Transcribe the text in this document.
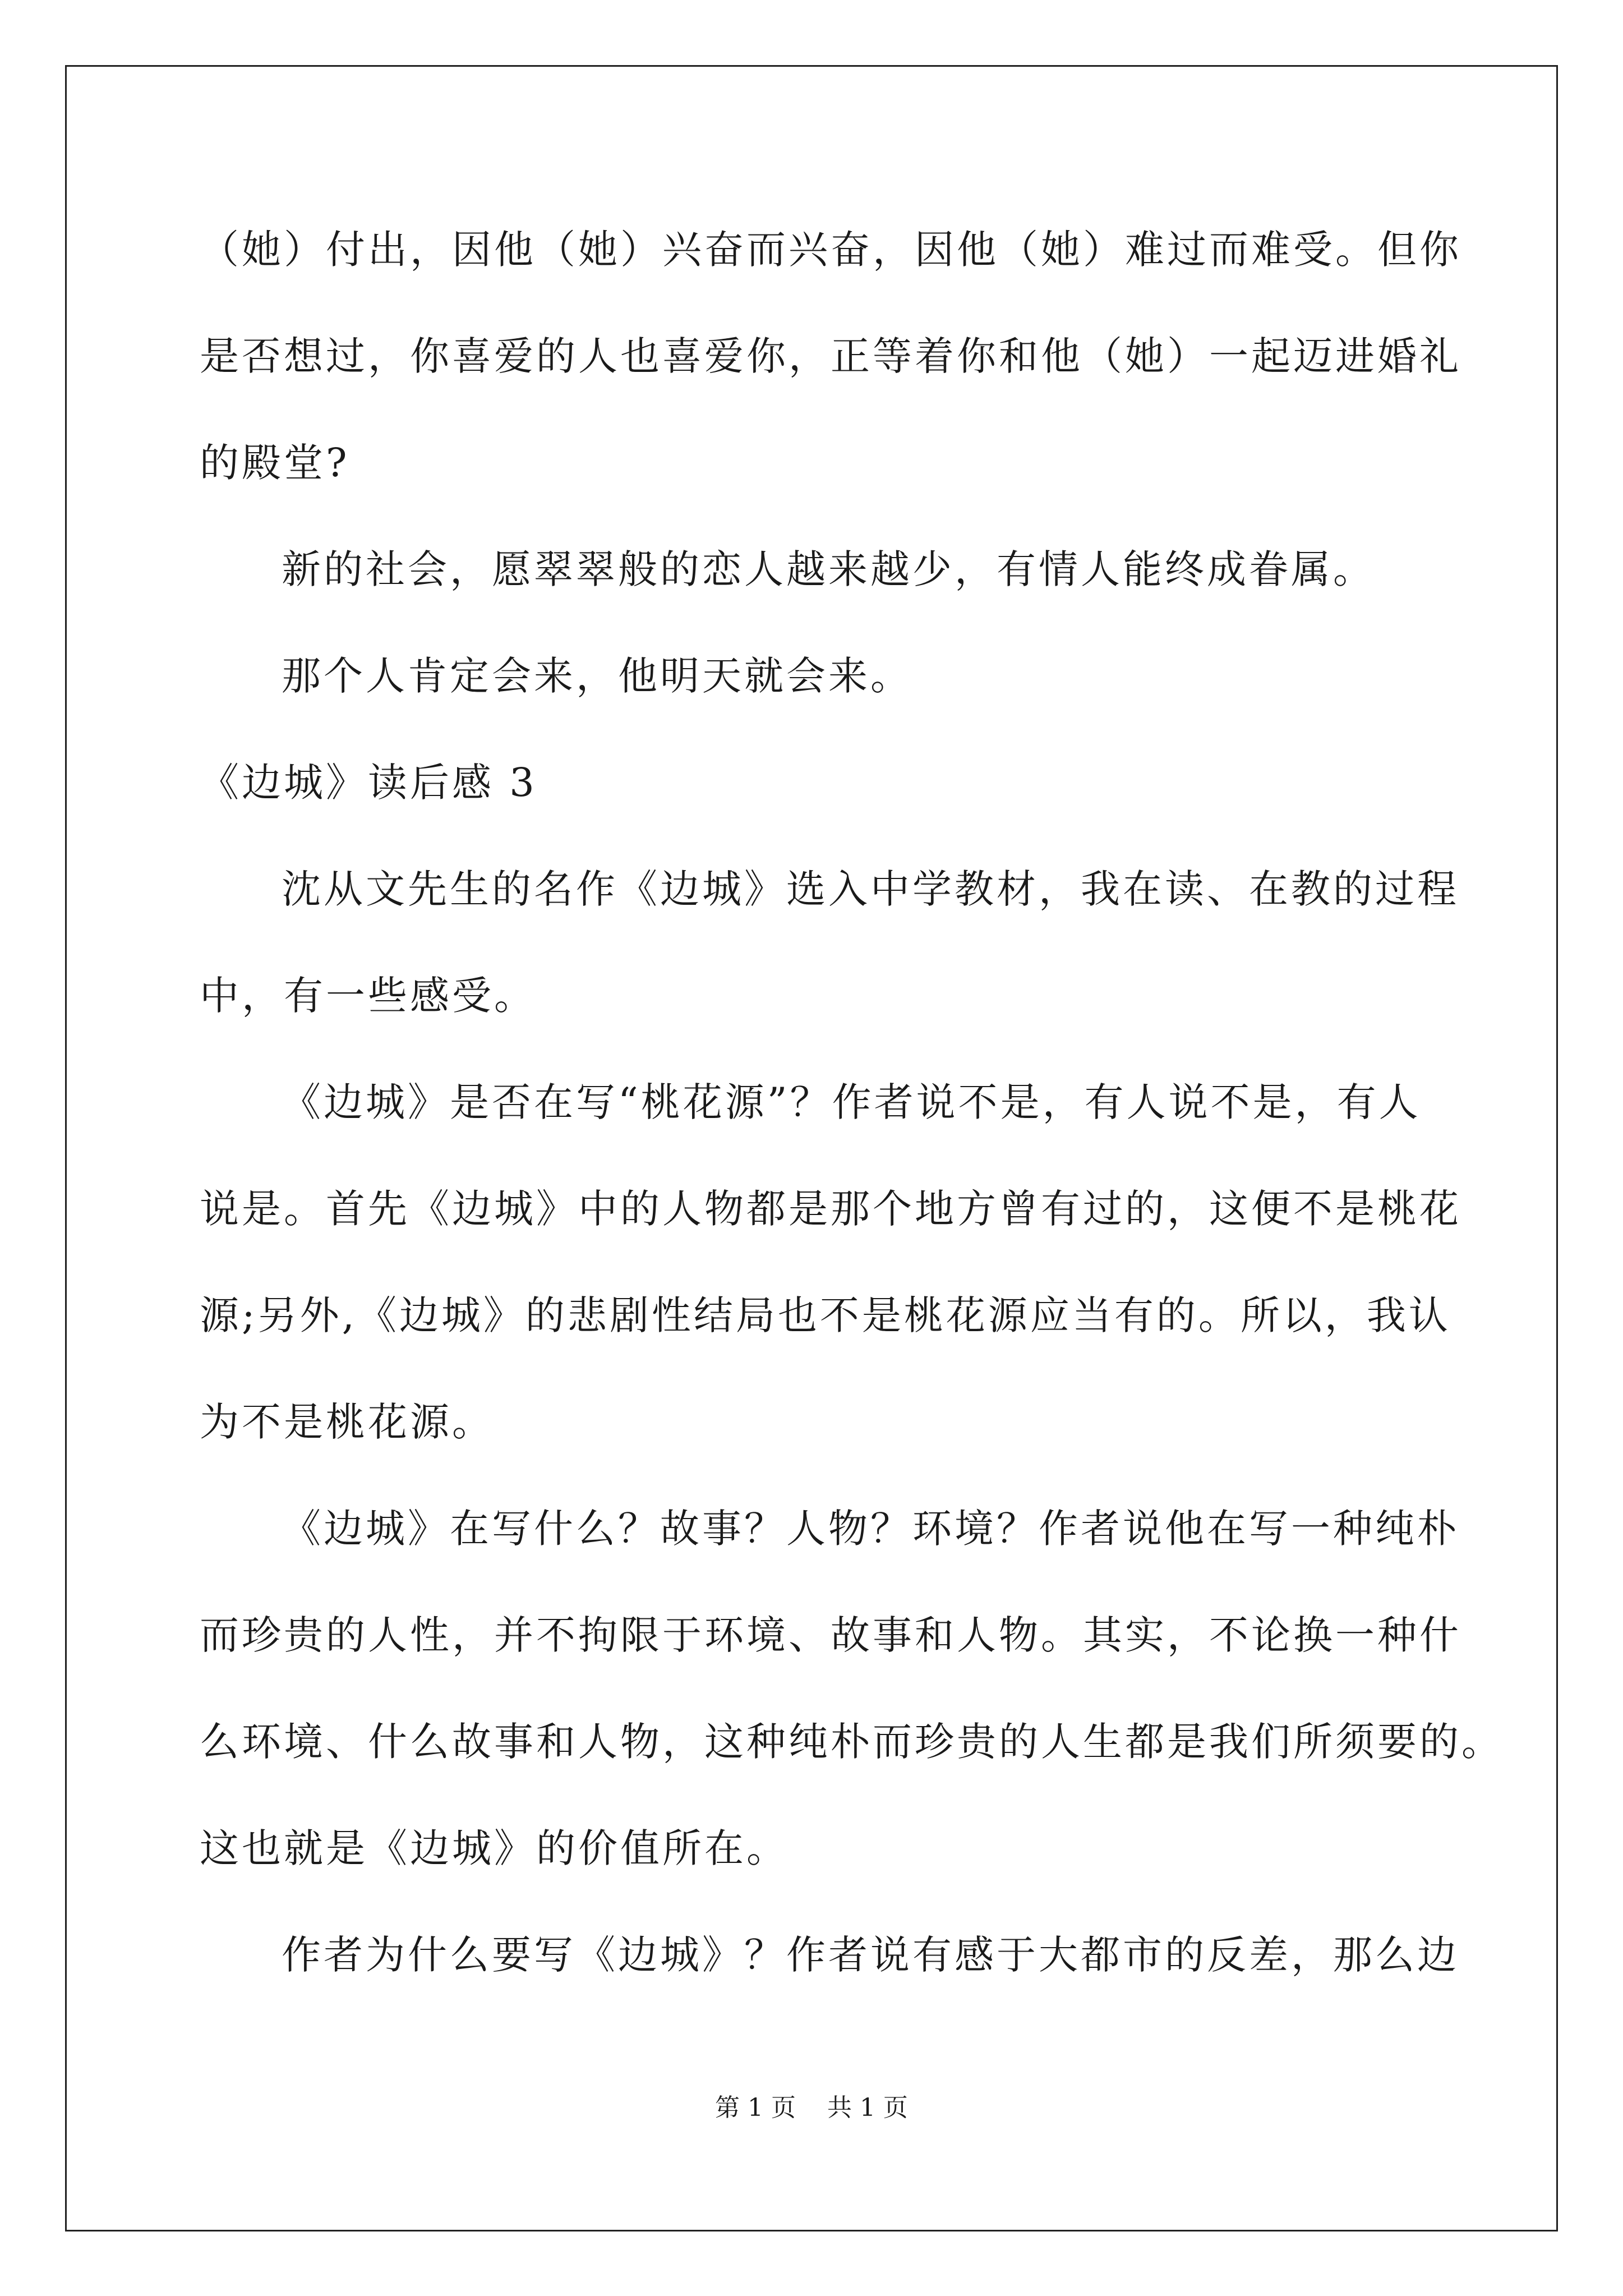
（她）付出，因他（她）兴奋而兴奋，因他（她）难过而难受。但你
是否想过，你喜爱的人也喜爱你，正等着你和他（她）一起迈进婚礼
的殿堂?
新的社会，愿翠翠般的恋人越来越少，有情人能终成眷属。
那个人肯定会来，他明天就会来。
《边城》读后感 3
沈从文先生的名作《边城》选入中学教材，我在读、在教的过程
中，有一些感受。
《边城》是否在写“桃花源”？作者说不是，有人说不是，有人
说是。首先《边城》中的人物都是那个地方曾有过的，这便不是桃花
源;另外,《边城》的悲剧性结局也不是桃花源应当有的。所以，我认
为不是桃花源。
《边城》在写什么？故事？人物？环境？作者说他在写一种纯朴
而珍贵的人性，并不拘限于环境、故事和人物。其实，不论换一种什
么环境、什么故事和人物，这种纯朴而珍贵的人生都是我们所须要的。
这也就是《边城》的价值所在。
作者为什么要写《边城》？作者说有感于大都市的反差，那么边
第 1 页    共 1 页
